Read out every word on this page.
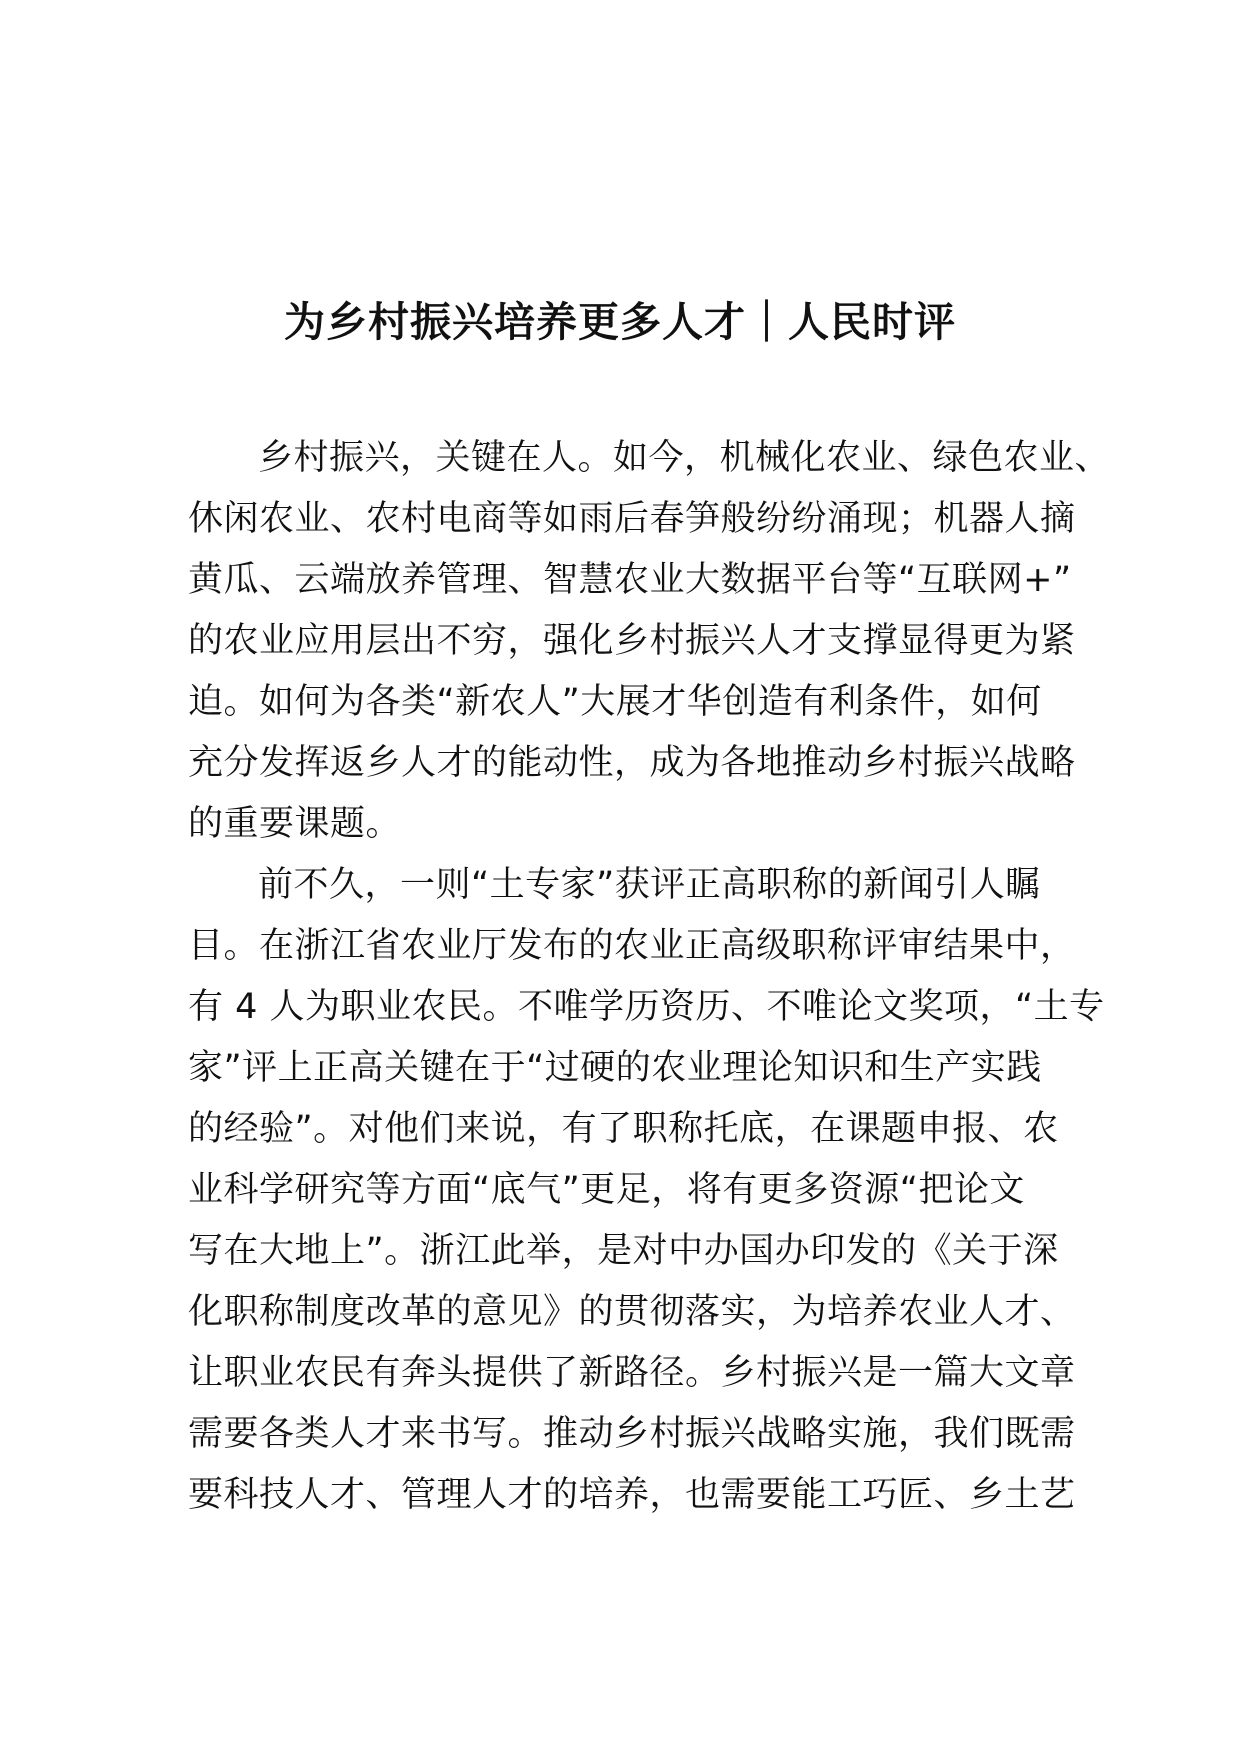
为乡村振兴培养更多人才｜人民时评

乡村振兴，关键在人。如今，机械化农业、绿色农业、
休闲农业、农村电商等如雨后春笋般纷纷涌现；机器人摘
黄瓜、云端放养管理、智慧农业大数据平台等“互联网+”
的农业应用层出不穷，强化乡村振兴人才支撑显得更为紧
迫。如何为各类“新农人”大展才华创造有利条件，如何
充分发挥返乡人才的能动性，成为各地推动乡村振兴战略
的重要课题。

前不久，一则“土专家”获评正高职称的新闻引人瞩
目。在浙江省农业厅发布的农业正高级职称评审结果中，
有 4 人为职业农民。不唯学历资历、不唯论文奖项，“土专
家”评上正高关键在于“过硬的农业理论知识和生产实践
的经验”。对他们来说，有了职称托底，在课题申报、农
业科学研究等方面“底气”更足，将有更多资源“把论文
写在大地上”。浙江此举，是对中办国办印发的《关于深
化职称制度改革的意见》的贯彻落实，为培养农业人才、
让职业农民有奔头提供了新路径。乡村振兴是一篇大文章
需要各类人才来书写。推动乡村振兴战略实施，我们既需
要科技人才、管理人才的培养，也需要能工巧匠、乡土艺
